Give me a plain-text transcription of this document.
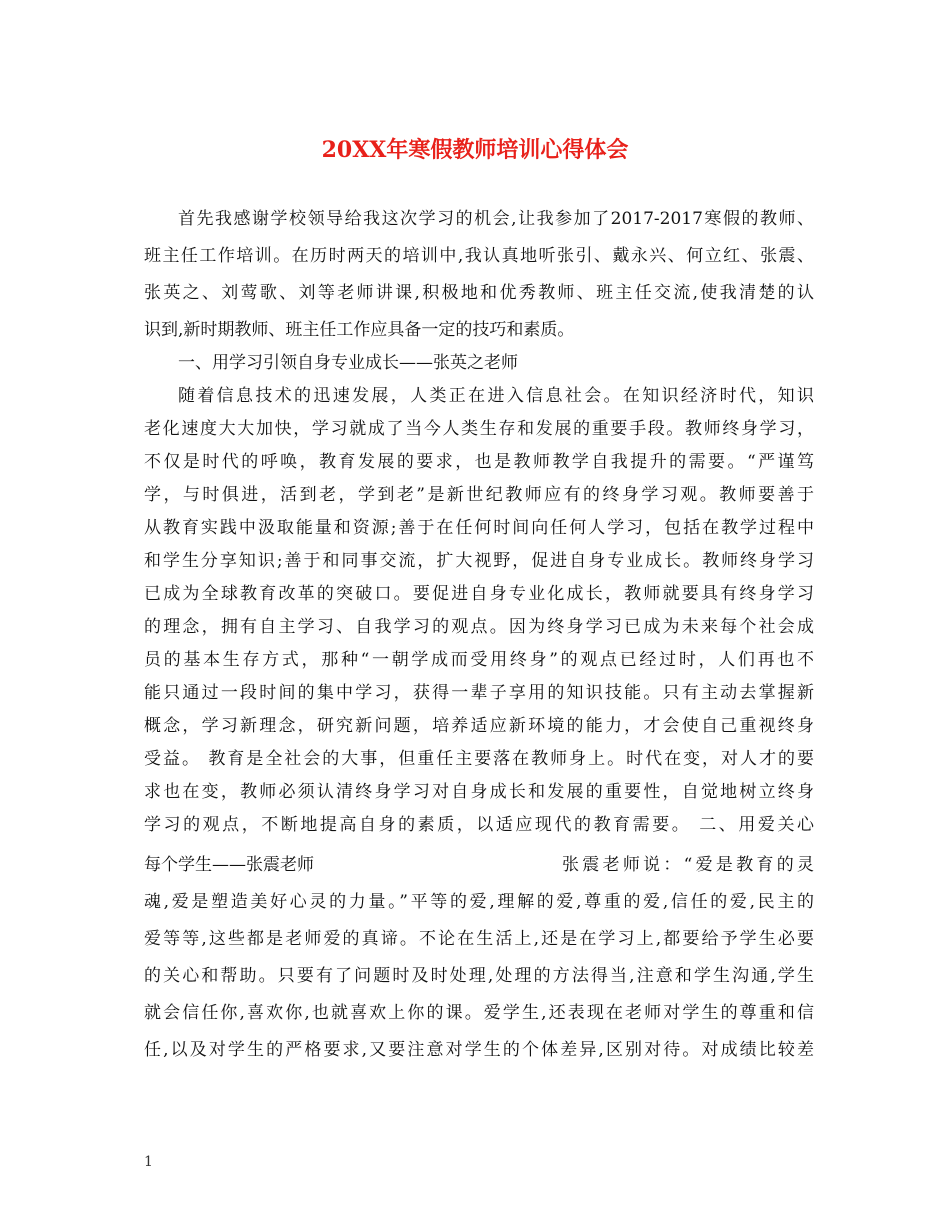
20XX年寒假教师培训心得体会
首先我感谢学校领导给我这次学习的机会,让我参加了2017-2017寒假的教师、
班主任工作培训。在历时两天的培训中,我认真地听张引、戴永兴、何立红、张震、
张英之、刘莺歌、刘等老师讲课,积极地和优秀教师、班主任交流,使我清楚的认
识到,新时期教师、班主任工作应具备一定的技巧和素质。
一、用学习引领自身专业成长——张英之老师
随着信息技术的迅速发展，人类正在进入信息社会。在知识经济时代，知识
老化速度大大加快，学习就成了当今人类生存和发展的重要手段。教师终身学习，
不仅是时代的呼唤，教育发展的要求，也是教师教学自我提升的需要。“严谨笃
学，与时俱进，活到老，学到老”是新世纪教师应有的终身学习观。教师要善于
从教育实践中汲取能量和资源;善于在任何时间向任何人学习，包括在教学过程中
和学生分享知识;善于和同事交流，扩大视野，促进自身专业成长。教师终身学习
已成为全球教育改革的突破口。要促进自身专业化成长，教师就要具有终身学习
的理念，拥有自主学习、自我学习的观点。因为终身学习已成为未来每个社会成
员的基本生存方式，那种“一朝学成而受用终身”的观点已经过时，人们再也不
能只通过一段时间的集中学习，获得一辈子享用的知识技能。只有主动去掌握新
概念，学习新理念，研究新问题，培养适应新环境的能力，才会使自己重视终身
受益。 教育是全社会的大事，但重任主要落在教师身上。时代在变，对人才的要
求也在变，教师必须认清终身学习对自身成长和发展的重要性，自觉地树立终身
学习的观点，不断地提高自身的素质，以适应现代的教育需要。 二、用爱关心
每个学生——张震老师	张震老师说：“爱是教育的灵
魂,爱是塑造美好心灵的力量。”平等的爱,理解的爱,尊重的爱,信任的爱,民主的
爱等等,这些都是老师爱的真谛。不论在生活上,还是在学习上,都要给予学生必要
的关心和帮助。只要有了问题时及时处理,处理的方法得当,注意和学生沟通,学生
就会信任你,喜欢你,也就喜欢上你的课。爱学生,还表现在老师对学生的尊重和信
任,以及对学生的严格要求,又要注意对学生的个体差异,区别对待。对成绩比较差
1
